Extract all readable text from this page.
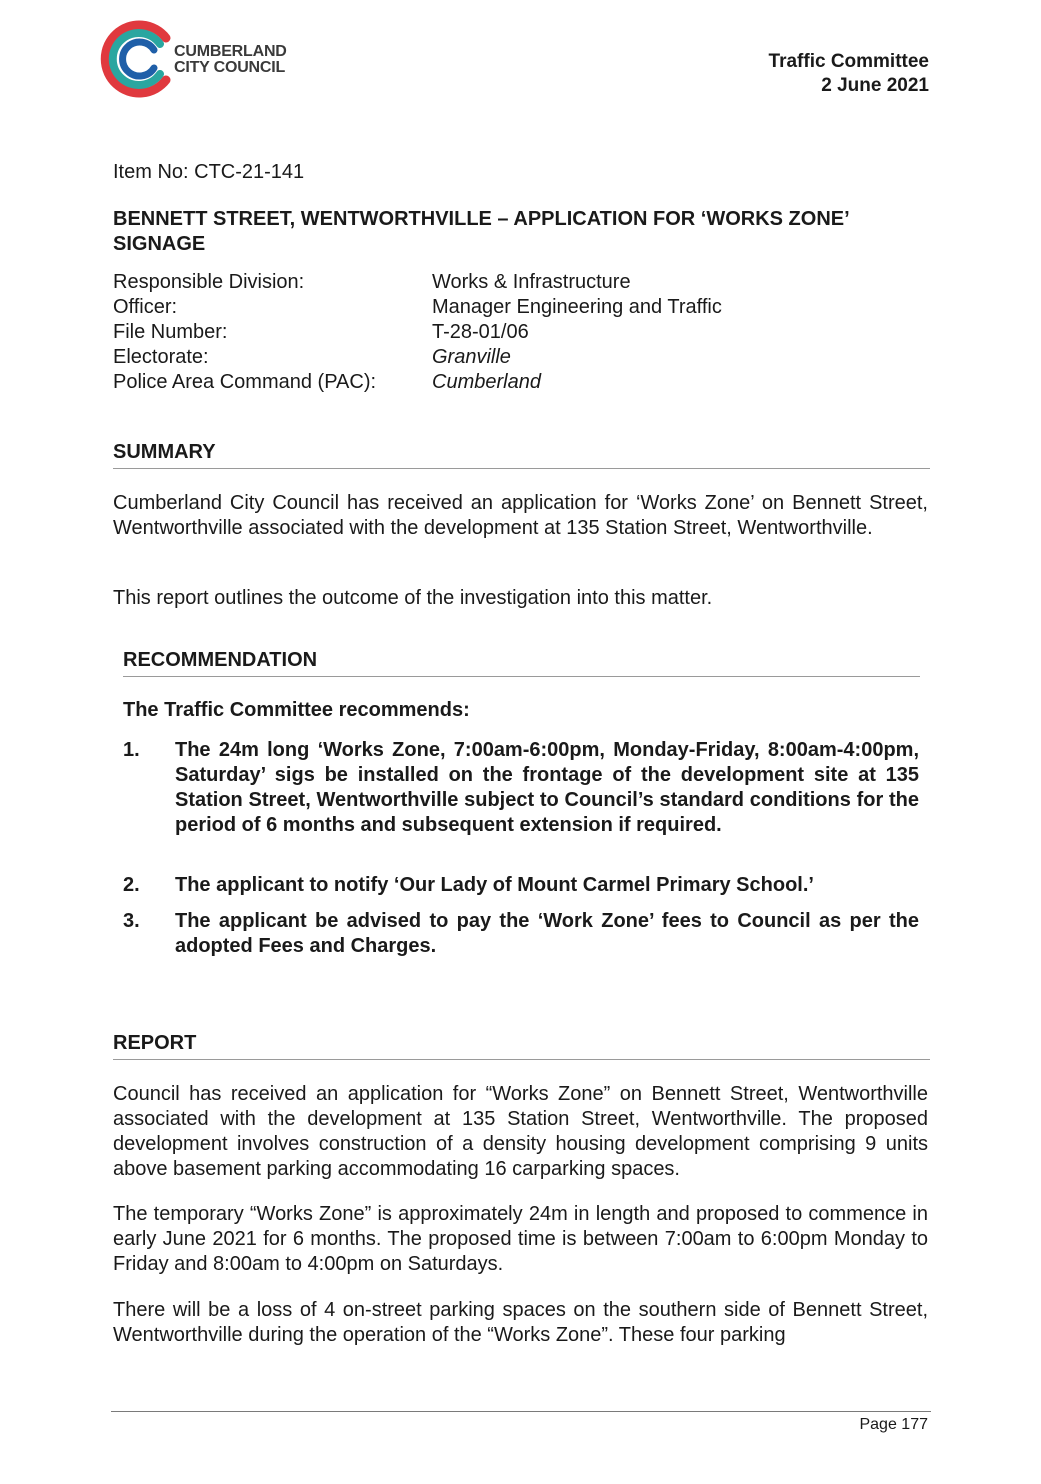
CUMBERLAND
CITY COUNCIL	Traffic Committee
2 June 2021
Item No: CTC-21-141
BENNETT STREET, WENTWORTHVILLE – APPLICATION FOR ‘WORKS ZONE’ SIGNAGE
Responsible Division:	Works & Infrastructure
Officer:	Manager Engineering and Traffic
File Number:	T-28-01/06
Electorate:	Granville
Police Area Command (PAC):	Cumberland
SUMMARY
Cumberland City Council has received an application for ‘Works Zone’ on Bennett Street, Wentworthville associated with the development at 135 Station Street, Wentworthville.
This report outlines the outcome of the investigation into this matter.
RECOMMENDATION
The Traffic Committee recommends:
1.	The 24m long ‘Works Zone, 7:00am-6:00pm, Monday-Friday, 8:00am-4:00pm, Saturday’ sigs be installed on the frontage of the development site at 135 Station Street, Wentworthville subject to Council’s standard conditions for the period of 6 months and subsequent extension if required.
2.	The applicant to notify ‘Our Lady of Mount Carmel Primary School.’
3.	The applicant be advised to pay the ‘Work Zone’ fees to Council as per the adopted Fees and Charges.
REPORT
Council has received an application for “Works Zone” on Bennett Street, Wentworthville associated with the development at 135 Station Street, Wentworthville. The proposed development involves construction of a density housing development comprising 9 units above basement parking accommodating 16 carparking spaces.
The temporary “Works Zone” is approximately 24m in length and proposed to commence in early June 2021 for 6 months. The proposed time is between 7:00am to 6:00pm Monday to Friday and 8:00am to 4:00pm on Saturdays.
There will be a loss of 4 on-street parking spaces on the southern side of Bennett Street, Wentworthville during the operation of the “Works Zone”. These four parking
Page 177
